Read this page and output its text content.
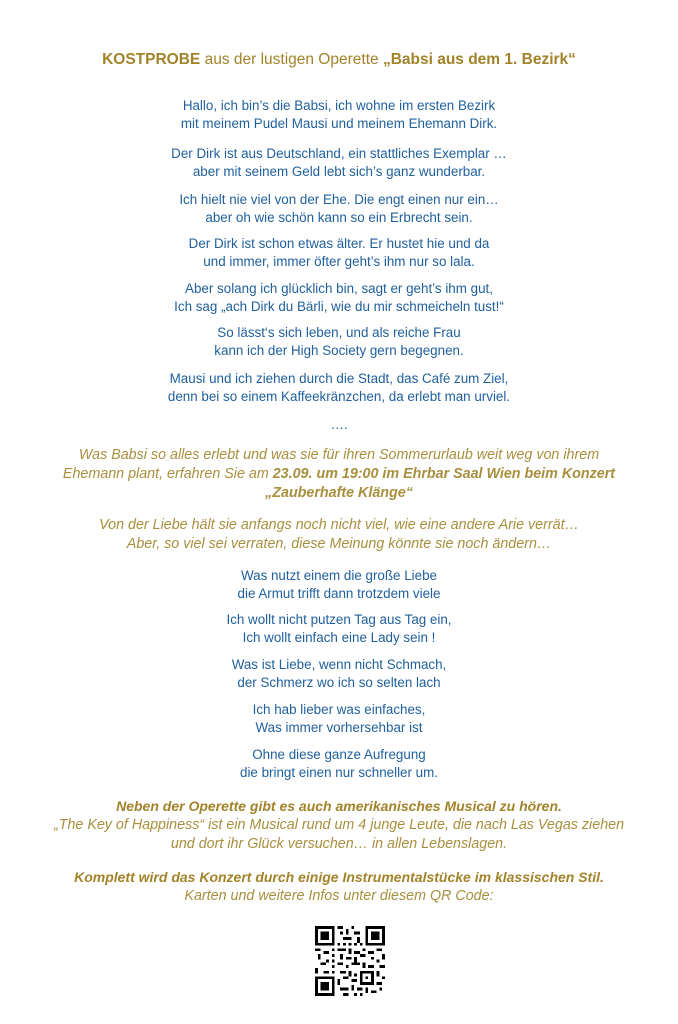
KOSTPROBE aus der lustigen Operette „Babsi aus dem 1. Bezirk“
Hallo, ich bin’s die Babsi, ich wohne im ersten Bezirk
mit meinem Pudel Mausi und meinem Ehemann Dirk.
Der Dirk ist aus Deutschland, ein stattliches Exemplar …
aber mit seinem Geld lebt sich’s ganz wunderbar.
Ich hielt nie viel von der Ehe. Die engt einen nur ein…
aber oh wie schön kann so ein Erbrecht sein.
Der Dirk ist schon etwas älter. Er hustet hie und da
und immer, immer öfter geht’s ihm nur so lala.
Aber solang ich glücklich bin, sagt er geht’s ihm gut,
Ich sag „ach Dirk du Bärli, wie du mir schmeicheln tust!“
So lässt‘s sich leben, und als reiche Frau
kann ich der High Society gern begegnen.
Mausi und ich ziehen durch die Stadt, das Café zum Ziel,
denn bei so einem Kaffeekränzchen, da erlebt man urviel.
….
Was Babsi so alles erlebt und was sie für ihren Sommerurlaub weit weg von ihrem
Ehemann plant, erfahren Sie am 23.09. um 19:00 im Ehrbar Saal Wien beim Konzert
„Zauberhafte Klänge“
Von der Liebe hält sie anfangs noch nicht viel, wie eine andere Arie verrät…
Aber, so viel sei verraten, diese Meinung könnte sie noch ändern…
Was nutzt einem die große Liebe
die Armut trifft dann trotzdem viele
Ich wollt nicht putzen Tag aus Tag ein,
Ich wollt einfach eine Lady sein !
Was ist Liebe, wenn nicht Schmach,
der Schmerz wo ich so selten lach
Ich hab lieber was einfaches,
Was immer vorhersehbar ist
Ohne diese ganze Aufregung
die bringt einen nur schneller um.
Neben der Operette gibt es auch amerikanisches Musical zu hören.
„The Key of Happiness“ ist ein Musical rund um 4 junge Leute, die nach Las Vegas ziehen
und dort ihr Glück versuchen… in allen Lebenslagen.
Komplett wird das Konzert durch einige Instrumentalstücke im klassischen Stil.
Karten und weitere Infos unter diesem QR Code:
